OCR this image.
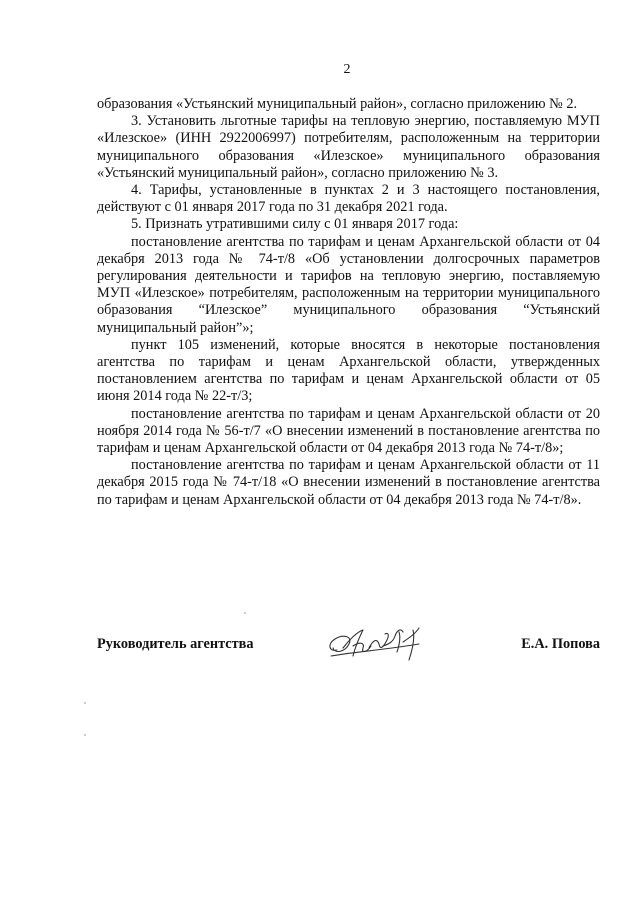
2

образования «Устьянский муниципальный район», согласно приложению № 2.

3. Установить льготные тарифы на тепловую энергию, поставляемую МУП «Илезское» (ИНН 2922006997) потребителям, расположенным на территории муниципального образования «Илезское» муниципального образования «Устьянский муниципальный район», согласно приложению № 3.

4. Тарифы, установленные в пунктах 2 и 3 настоящего постановления, действуют с 01 января 2017 года по 31 декабря 2021 года.

5. Признать утратившими силу с 01 января 2017 года:

постановление агентства по тарифам и ценам Архангельской области от 04 декабря 2013 года № 74-т/8 «Об установлении долгосрочных параметров регулирования деятельности и тарифов на тепловую энергию, поставляемую МУП «Илезское» потребителям, расположенным на территории муниципального образования “Илезское” муниципального образования “Устьянский муниципальный район”»;

пункт 105 изменений, которые вносятся в некоторые постановления агентства по тарифам и ценам Архангельской области, утвержденных постановлением агентства по тарифам и ценам Архангельской области от 05 июня 2014 года № 22-т/3;

постановление агентства по тарифам и ценам Архангельской области от 20 ноября 2014 года № 56-т/7 «О внесении изменений в постановление агентства по тарифам и ценам Архангельской области от 04 декабря 2013 года № 74-т/8»;

постановление агентства по тарифам и ценам Архангельской области от 11 декабря 2015 года № 74-т/18 «О внесении изменений в постановление агентства по тарифам и ценам Архангельской области от 04 декабря 2013 года № 74-т/8».

Руководитель агентства	Е.А. Попова
